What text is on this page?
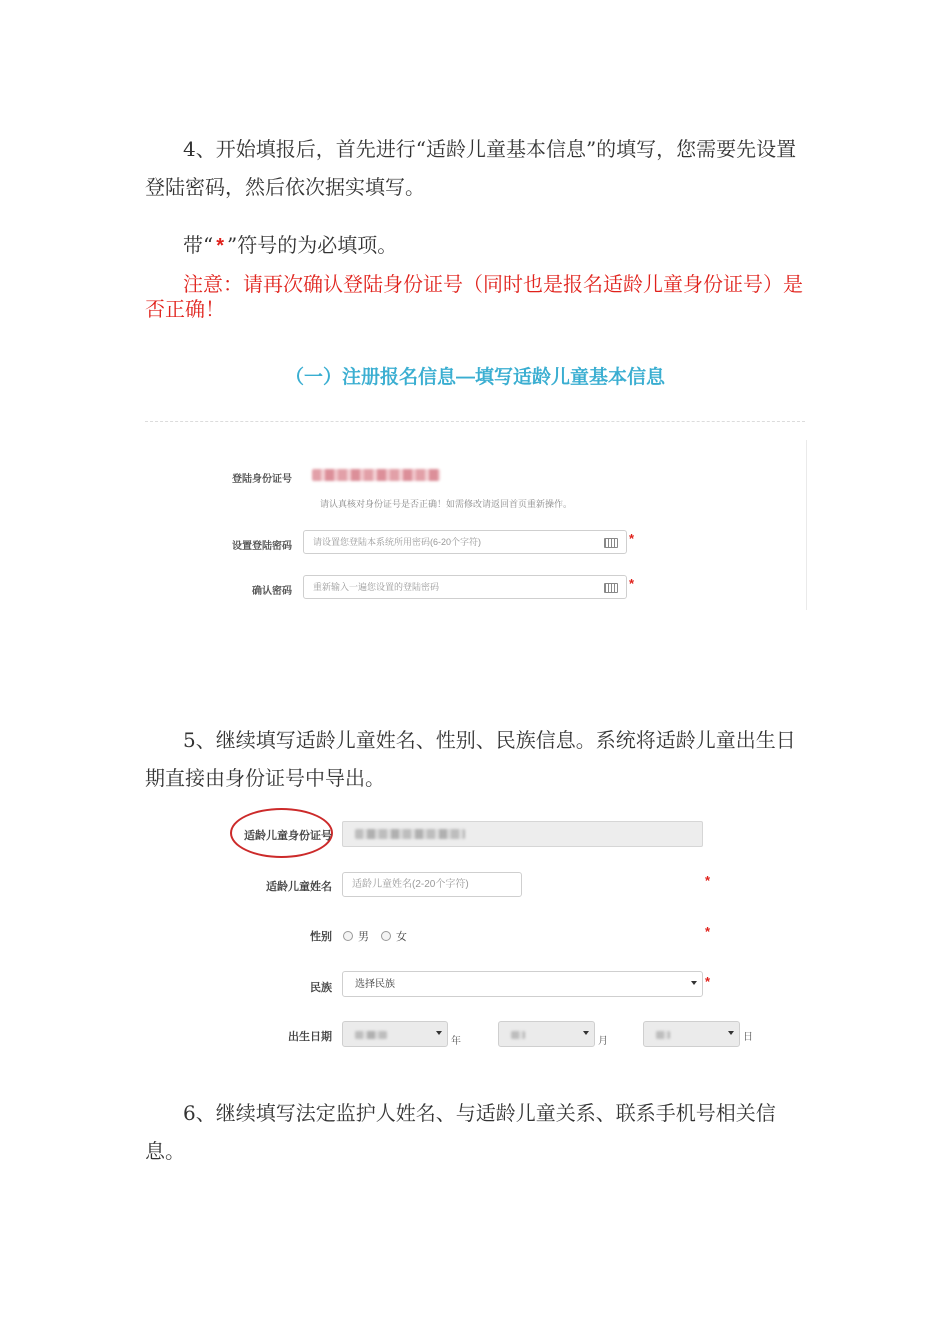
4、开始填报后，首先进行“适龄儿童基本信息”的填写，您需要先设置登陆密码，然后依次据实填写。

带“ * ”符号的为必填项。

注意：请再次确认登陆身份证号（同时也是报名适龄儿童身份证号）是否正确！

（一）注册报名信息—填写适龄儿童基本信息
登陆身份证号
请认真核对身份证号是否正确！如需修改请返回首页重新操作。
设置登陆密码	请设置您登陆本系统所用密码(6-20个字符)	*
确认密码	重新输入一遍您设置的登陆密码	*

5、继续填写适龄儿童姓名、性别、民族信息。系统将适龄儿童出生日期直接由身份证号中导出。

适龄儿童身份证号
适龄儿童姓名	适龄儿童姓名(2-20个字符)	*
性别 男 女	*
民族	选择民族	*
出生日期	年	月	日

6、继续填写法定监护人姓名、与适龄儿童关系、联系手机号相关信息。
